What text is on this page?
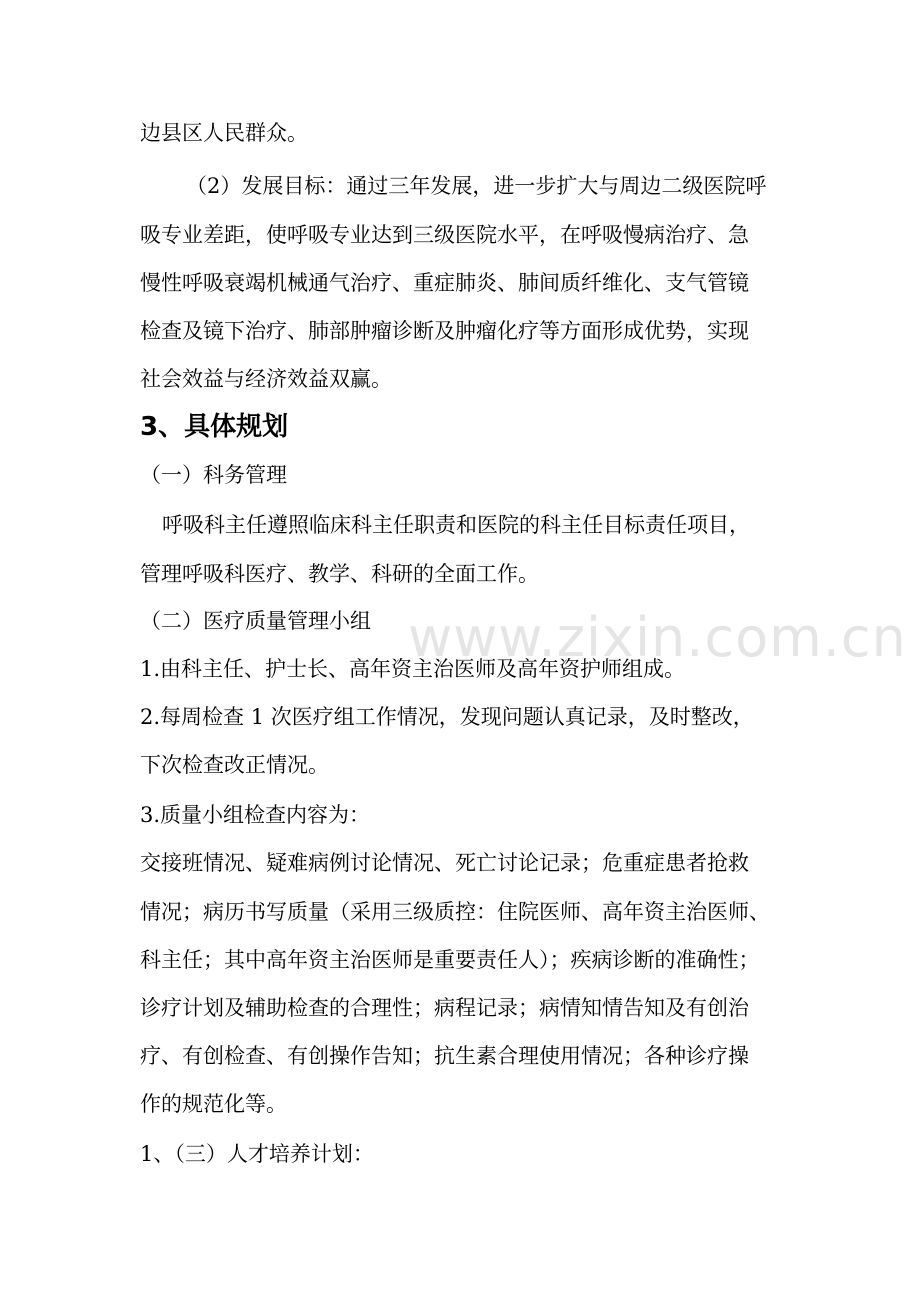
边县区人民群众。
（2）发展目标：通过三年发展，进一步扩大与周边二级医院呼
吸专业差距，使呼吸专业达到三级医院水平，在呼吸慢病治疗、急
慢性呼吸衰竭机械通气治疗、重症肺炎、肺间质纤维化、支气管镜
检查及镜下治疗、肺部肿瘤诊断及肿瘤化疗等方面形成优势，实现
社会效益与经济效益双赢。
3、具体规划
（一）科务管理
呼吸科主任遵照临床科主任职责和医院的科主任目标责任项目，
管理呼吸科医疗、教学、科研的全面工作。
（二）医疗质量管理小组
1.由科主任、护士长、高年资主治医师及高年资护师组成。
2.每周检查 1 次医疗组工作情况，发现问题认真记录，及时整改，
下次检查改正情况。
3.质量小组检查内容为：
交接班情况、疑难病例讨论情况、死亡讨论记录；危重症患者抢救
情况；病历书写质量（采用三级质控：住院医师、高年资主治医师、
科主任；其中高年资主治医师是重要责任人）；疾病诊断的准确性；
诊疗计划及辅助检查的合理性；病程记录；病情知情告知及有创治
疗、有创检查、有创操作告知；抗生素合理使用情况；各种诊疗操
作的规范化等。
1、（三）人才培养计划：
www.zixin.com.cn
